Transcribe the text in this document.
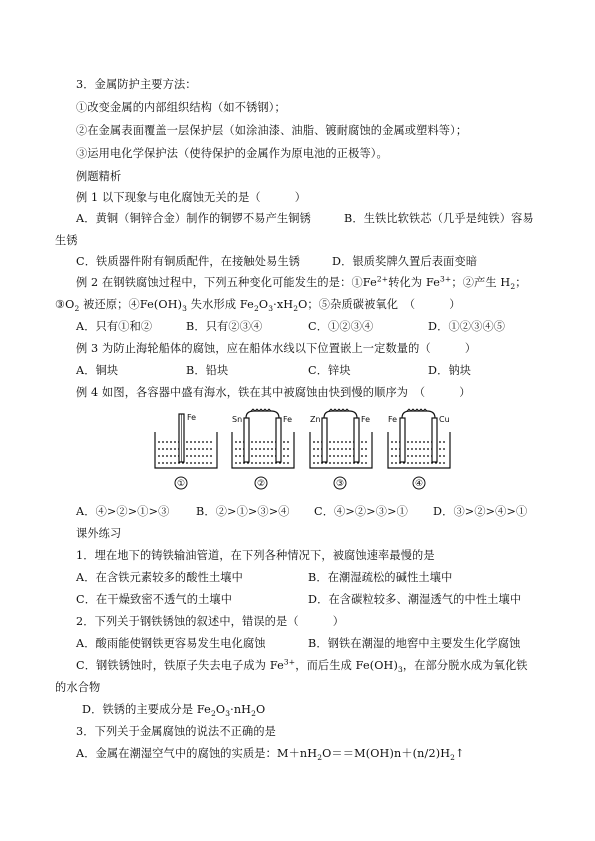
3．金属防护主要方法：
①改变金属的内部组织结构（如不锈钢）；
②在金属表面覆盖一层保护层（如涂油漆、油脂、镀耐腐蚀的金属或塑料等）；
③运用电化学保护法（使待保护的金属作为原电池的正极等）。
例题精析
例 1 以下现象与电化腐蚀无关的是（　　　）
A．黄铜（铜锌合金）制作的铜锣不易产生铜锈	B．生铁比软铁芯（几乎是纯铁）容易
生锈
C．铁质器件附有铜质配件，在接触处易生锈	D．银质奖牌久置后表面变暗
例 2 在钢铁腐蚀过程中，下列五种变化可能发生的是：$①Fe^{2+}$转化为 $Fe^{3+}$；②产生 $H_2$；
$③O_2$ 被还原；$④Fe(OH)_3$ 失水形成 $Fe_2O_3\cdot xH_2O$；⑤杂质碳被氧化　（　　　）
A．只有①和②	B．只有②③④	C．①②③④	D．①②③④⑤
例 3 为防止海轮船体的腐蚀，应在船体水线以下位置嵌上一定数量的（　　　）
A．铜块	B．铅块	C．锌块	D．钠块
例 4 如图，各容器中盛有海水，铁在其中被腐蚀由快到慢的顺序为　（　　　）
Fe	Sn	Fe Zn	Fe Fe	Cu
①	②	③	④
A．④>②>①>③ B．②>①>③>④ C．④>②>③>① D．③>②>④>①
课外练习
1．埋在地下的铸铁输油管道，在下列各种情况下，被腐蚀速率最慢的是
A．在含铁元素较多的酸性土壤中	B．在潮湿疏松的碱性土壤中
C．在干燥致密不透气的土壤中	D．在含碳粒较多、潮湿透气的中性土壤中
2．下列关于钢铁锈蚀的叙述中，错误的是（　　　）
A．酸雨能使钢铁更容易发生电化腐蚀	B．钢铁在潮湿的地窖中主要发生化学腐蚀
C．钢铁锈蚀时，铁原子失去电子成为 $Fe^{3+}$，而后生成 $Fe(OH)_3$，在部分脱水成为氧化铁
的水合物
D．铁锈的主要成分是 $Fe_2O_3\cdot nH_2O$
3．下列关于金属腐蚀的说法不正确的是
A．金属在潮湿空气中的腐蚀的实质是：$M+nH_2O==M(OH)n+(n/2)H_2↑$
